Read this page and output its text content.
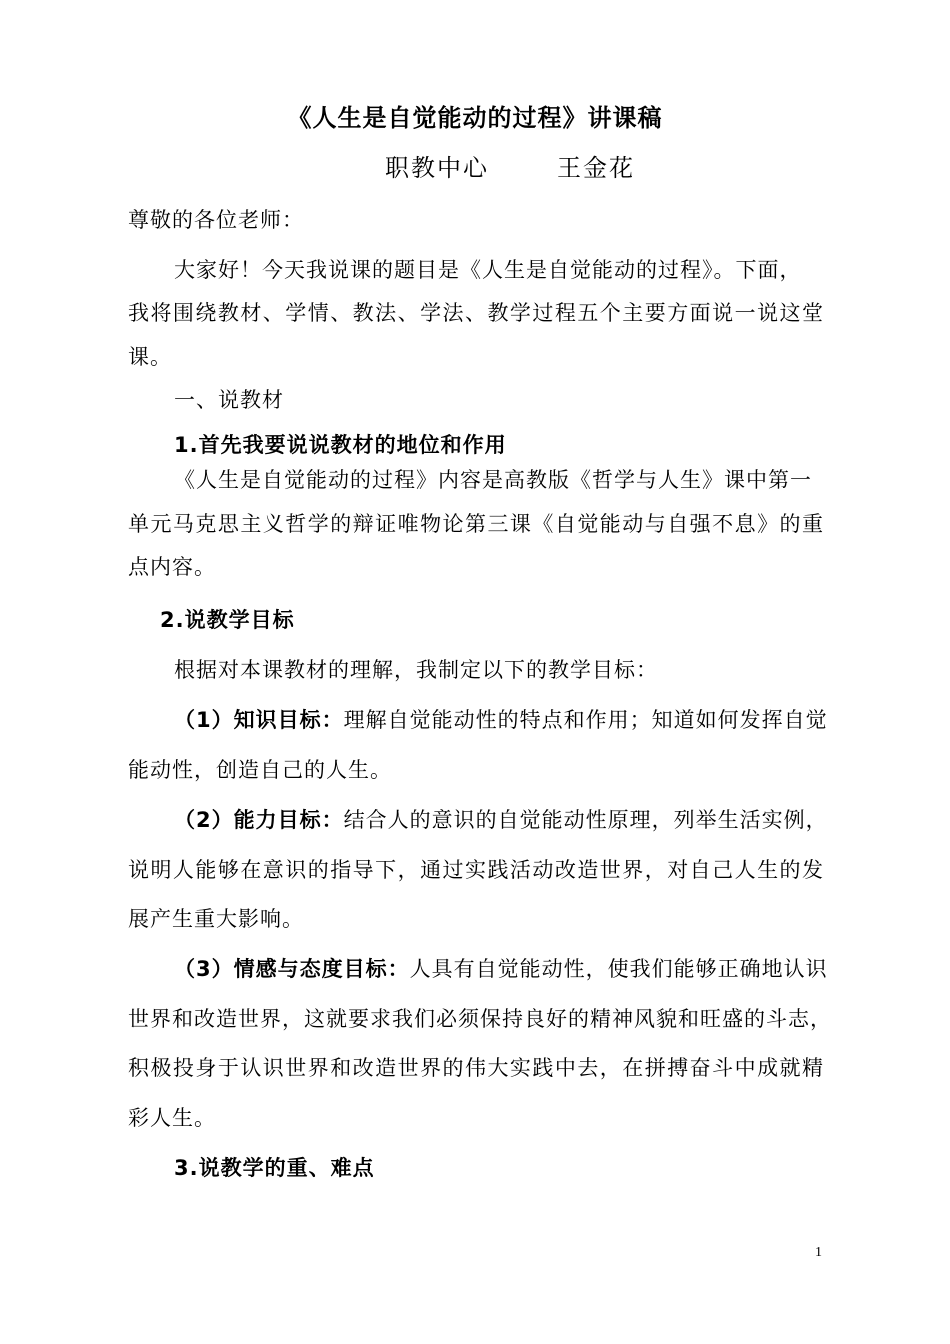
《人生是自觉能动的过程》讲课稿
职教中心	王金花
尊敬的各位老师：
大家好！今天我说课的题目是《人生是自觉能动的过程》。下面，
我将围绕教材、学情、教法、学法、教学过程五个主要方面说一说这堂
课。
一、说教材
1.首先我要说说教材的地位和作用
《人生是自觉能动的过程》内容是高教版《哲学与人生》课中第一
单元马克思主义哲学的辩证唯物论第三课《自觉能动与自强不息》的重
点内容。
2.说教学目标
根据对本课教材的理解，我制定以下的教学目标：
（1）知识目标：理解自觉能动性的特点和作用；知道如何发挥自觉
能动性，创造自己的人生。
（2）能力目标：结合人的意识的自觉能动性原理，列举生活实例，
说明人能够在意识的指导下，通过实践活动改造世界，对自己人生的发
展产生重大影响。
（3）情感与态度目标：人具有自觉能动性，使我们能够正确地认识
世界和改造世界，这就要求我们必须保持良好的精神风貌和旺盛的斗志，
积极投身于认识世界和改造世界的伟大实践中去，在拼搏奋斗中成就精
彩人生。
3.说教学的重、难点
1
